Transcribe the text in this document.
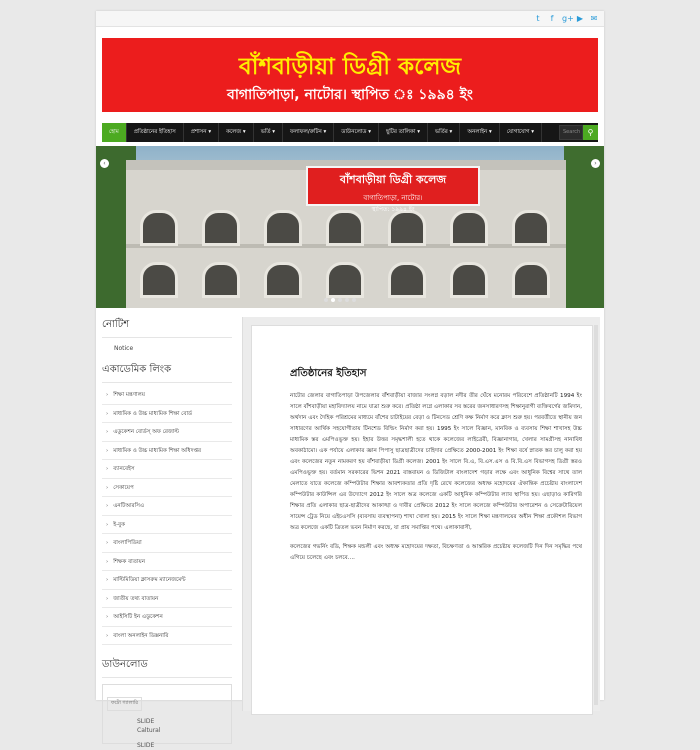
t	f	g+ ▶ ✉
বাঁশবাড়ীয়া ডিগ্রী কলেজ
বাগাতিপাড়া, নাটোর। স্থাপিত ঃ ১৯৯৪ ইং
হোম	প্রতিষ্ঠানের ইতিহাস	প্রশাসন ▾	কলেজ ▾	ভর্তি ▾	ফলাফল/রুটিন ▾	ডাউনলোড ▾	ছুটির তালিকা ▾	ভর্তির ▾	অনলাইন ▾	যোগাযোগ ▾	Search ⚲
বাঁশবাড়ীয়া ডিগ্রী কলেজ
বাগাতিপাড়া, নাটোর।
স্থাপিত: ১৯৯৪ ইং
‹	›
নোটিশ
Notice
একাডেমিক লিংক
› শিক্ষা মন্ত্রণালয়
› মাধ্যমিক ও উচ্চ মাধ্যমিক শিক্ষা বোর্ড
› এডুকেশন বোর্ডস্ অফ রেজাল্ট
› মাধ্যমিক ও উচ্চ মাধ্যমিক শিক্ষা অধিদপ্তর
› ব্যানবেইস
› সেকায়েপ
› এনটিআরসিএ
› ই-বুক
› বাংলাপিডিয়া
› শিক্ষক বাতায়ন
› মাল্টিমিডিয়া ক্লাসরুম ম্যানেজমেন্ট
› জাতীয় তথ্য বাতায়ন
› আইসিটি ইন এডুকেশন
› বাংলা অনলাইন ডিক্সনারি
ডাউনলোড
ফটো গ্যালারি
SLIDE
Caltural
SLIDE
প্রতিষ্ঠানের ইতিহাস

নাটোর জেলার বাগাতিপাড়া উপজেলার বাঁশবাড়ীয়া বাজার সংলগ্ন বড়াল নদীর তীর ঘেঁষে মনোরম পরিবেশে প্রতিষ্ঠানটি 1994 ইং সালে বাঁশবাড়ীয়া মহাবিদ্যালয় নামে যাত্রা শুরু করে। প্রতিষ্ঠা লগ্নে এলাকার সব স্তরের জনসাধারণসহ শিক্ষানুরাগী ব্যক্তিবর্গের জমিদান, অর্থদান এবং দৈহিক পরিশ্রমের মাধ্যমে বাঁশের চাটাইয়ের বেড়া ও টিনসেড শ্রেণি কক্ষ নির্মাণ করে ক্লাস শুরু হয়। পরবর্তীতে স্থানীয় জন সাধারণের আর্থিক সহযোগীতায় টিনশেড বিল্ডিং নির্মাণ করা হয়। 1995 ইং সালে বিজ্ঞান, মানবিক ও ব্যবসায় শিক্ষা শাখাসহ উচ্চ মাধ্যমিক স্তর এমপিওভুক্ত হয়। ইহার উত্তর সমৃদ্ধশালী হতে থাকে কলেজের লাইব্রেরী, বিজ্ঞানাগার, খেলার সামগ্রীসহ নানাবিধ অবকাঠামো। এক পর্যায়ে এলাকার জ্ঞান পিপাসু ছাত্রছাত্রীদের চাহিদার প্রেক্ষিতে 2000-2001 ইং শিক্ষা বর্ষে স্নাতক স্তর চালু করা হয় এবং কলেজের নতুন নামকরণ হয় বাঁশবাড়ীয়া ডিগ্রী কলেজ। 2001 ইং সালে বি.এ, বি.এস.এস ও বি.বি.এস বিভাগসহ ডিগ্রী স্তরও এমপিওভুক্ত হয়। বর্তমান সরকারের ভিশন 2021 বাস্তবায়ন ও ডিজিটাল বাংলাদেশ গড়ার লক্ষে এবং আধুনিক বিশ্বের সাথে তাল মেলাতে যাতে কলেজে কম্পিউটার শিক্ষার আবশ্যকতার প্রতি দৃষ্টি রেখে কলেজের অধ্যক্ষ মহোদয়ের ঐকান্তিক প্রচেষ্টায় বাংলাদেশ কম্পিউটার কাউন্সিল এর উদ্যোগে 2012 ইং সালে অত্র কলেজে একটি আধুনিক কম্পিউটার ল্যাব স্থাপিত হয়। এছাড়াও কারিগরি শিক্ষার প্রতি এলাকার ছাত্র-ছাত্রীদের আকাঙ্খা ও দাবীর প্রেক্ষিতে 2012 ইং সালে কলেজে কম্পিউটার অপারেশন ও সেক্রেটারিয়েল সায়েন্স ট্রেড নিয়ে এইচএসসি (ব্যবসায় ব্যবস্থাপনা) শাখা খোলা হয়। 2015 ইং সালে শিক্ষা মন্ত্রণালয়ের অধীন শিক্ষা প্রকৌশল বিভাগ অত্র কলেজে একটি ত্রিতল ভবন নির্মাণ করছে, যা প্রায় সমাপ্তির পথে। এলাকাবাসী,

কলেজের গভর্নিং বডি, শিক্ষক মন্ডলী এবং অধ্যক্ষ মহোদয়ের দক্ষতা, বিচক্ষণতা ও আন্তরিক প্রচেষ্টায় কলেজটি দিন দিন সমৃদ্ধির পথে এগিয়ে চলেছে এবং চলবে....
